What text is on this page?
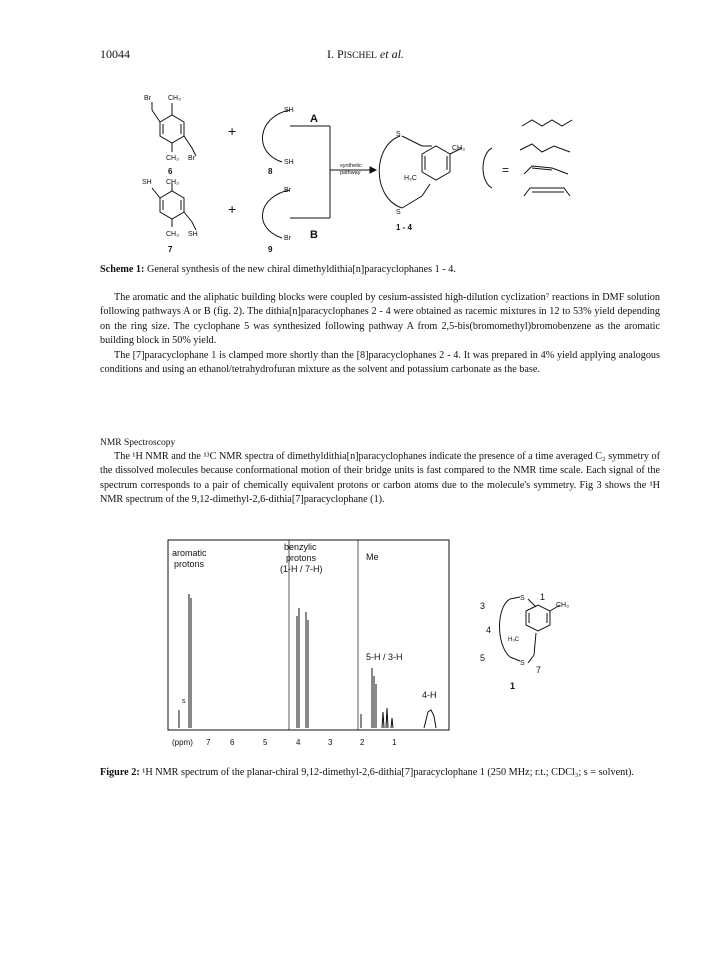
10044	I. PISCHEL et al.
Br CH₃
CH₃ Br
6
SH CH₃
CH₃ SH
7
+
+
SH
SH
8
Br
Br
9
A
B
synthetic
pathway
S
S
CH₃
H₃C
1 - 4
=
Scheme 1: General synthesis of the new chiral dimethyldithia[n]paracyclophanes 1 - 4.
The aromatic and the aliphatic building blocks were coupled by cesium-assisted high-dilution cyclization⁷ reactions in DMF solution following pathways A or B (fig. 2). The dithia[n]paracyclophanes 2 - 4 were obtained as racemic mixtures in 12 to 53% yield depending on the ring size. The cyclophane 5 was synthesized following pathway A from 2,5-bis(bromomethyl)bromobenzene as the aromatic building block in 50% yield.
The [7]paracyclophane 1 is clamped more shortly than the [8]paracyclophanes 2 - 4. It was prepared in 4% yield applying analogous conditions and using an ethanol/tetrahydrofuran mixture as the solvent and potassium carbonate as the base.
NMR Spectroscopy
The ¹H NMR and the ¹³C NMR spectra of dimethyldithia[n]paracyclophanes indicate the presence of a time averaged C₂ symmetry of the dissolved molecules because conformational motion of their bridge units is fast compared to the NMR time scale. Each signal of the spectrum corresponds to a pair of chemically equivalent protons or carbon atoms due to the molecule's symmetry. Fig 3 shows the ¹H NMR spectrum of the 9,12-dimethyl-2,6-dithia[7]paracyclophane (1).
aromatic
protons
benzylic
protons
(1-H / 7-H)
Me
s
5-H / 3-H
4-H
(ppm) 7 6	5	4	3	2	1
3
S 1
CH₃
4
H₃C
5
S
7
1
Figure 2: ¹H NMR spectrum of the planar-chiral 9,12-dimethyl-2,6-dithia[7]paracyclophane 1 (250 MHz; r.t.; CDCl₃; s = solvent).
